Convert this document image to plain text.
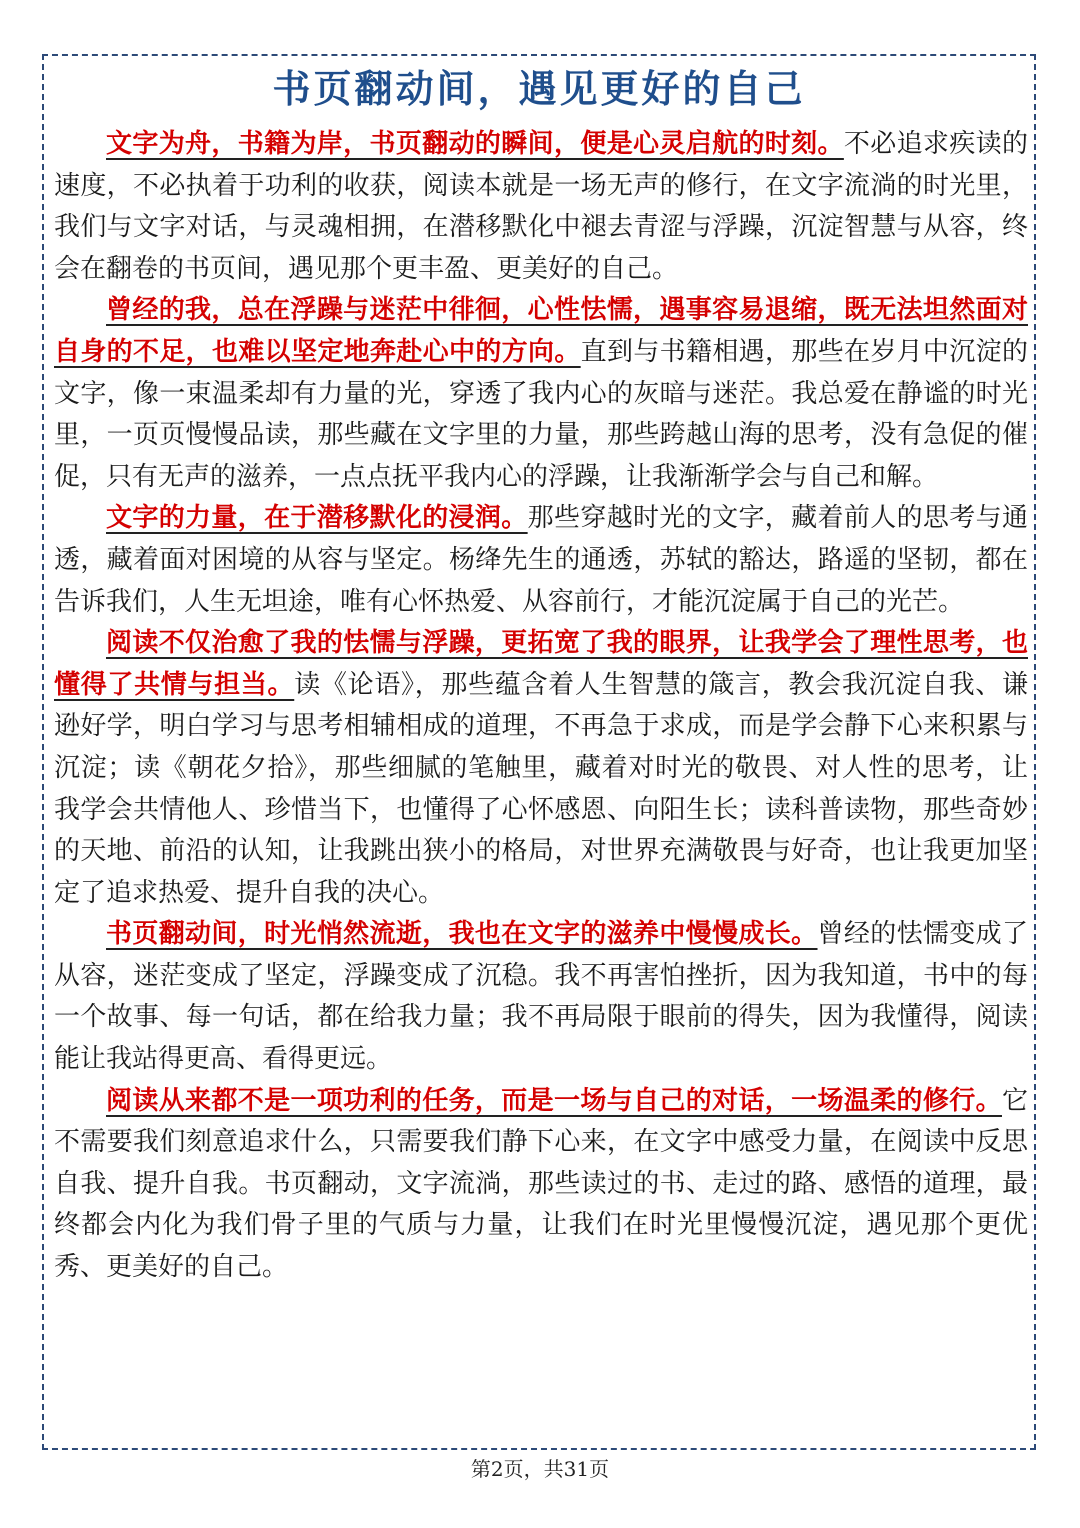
书页翻动间，遇见更好的自己

文字为舟，书籍为岸，书页翻动的瞬间，便是心灵启航的时刻。不必追求疾读的速度，不必执着于功利的收获，阅读本就是一场无声的修行，在文字流淌的时光里，我们与文字对话，与灵魂相拥，在潜移默化中褪去青涩与浮躁，沉淀智慧与从容，终会在翻卷的书页间，遇见那个更丰盈、更美好的自己。

曾经的我，总在浮躁与迷茫中徘徊，心性怯懦，遇事容易退缩，既无法坦然面对自身的不足，也难以坚定地奔赴心中的方向。直到与书籍相遇，那些在岁月中沉淀的文字，像一束温柔却有力量的光，穿透了我内心的灰暗与迷茫。我总爱在静谧的时光里，一页页慢慢品读，那些藏在文字里的力量，那些跨越山海的思考，没有急促的催促，只有无声的滋养，一点点抚平我内心的浮躁，让我渐渐学会与自己和解。

文字的力量，在于潜移默化的浸润。那些穿越时光的文字，藏着前人的思考与通透，藏着面对困境的从容与坚定。杨绛先生的通透，苏轼的豁达，路遥的坚韧，都在告诉我们，人生无坦途，唯有心怀热爱、从容前行，才能沉淀属于自己的光芒。

阅读不仅治愈了我的怯懦与浮躁，更拓宽了我的眼界，让我学会了理性思考，也懂得了共情与担当。读《论语》，那些蕴含着人生智慧的箴言，教会我沉淀自我、谦逊好学，明白学习与思考相辅相成的道理，不再急于求成，而是学会静下心来积累与沉淀；读《朝花夕拾》，那些细腻的笔触里，藏着对时光的敬畏、对人性的思考，让我学会共情他人、珍惜当下，也懂得了心怀感恩、向阳生长；读科普读物，那些奇妙的天地、前沿的认知，让我跳出狭小的格局，对世界充满敬畏与好奇，也让我更加坚定了追求热爱、提升自我的决心。

书页翻动间，时光悄然流逝，我也在文字的滋养中慢慢成长。曾经的怯懦变成了从容，迷茫变成了坚定，浮躁变成了沉稳。我不再害怕挫折，因为我知道，书中的每一个故事、每一句话，都在给我力量；我不再局限于眼前的得失，因为我懂得，阅读能让我站得更高、看得更远。

阅读从来都不是一项功利的任务，而是一场与自己的对话，一场温柔的修行。它不需要我们刻意追求什么，只需要我们静下心来，在文字中感受力量，在阅读中反思自我、提升自我。书页翻动，文字流淌，那些读过的书、走过的路、感悟的道理，最终都会内化为我们骨子里的气质与力量，让我们在时光里慢慢沉淀，遇见那个更优秀、更美好的自己。

第2页，共31页
